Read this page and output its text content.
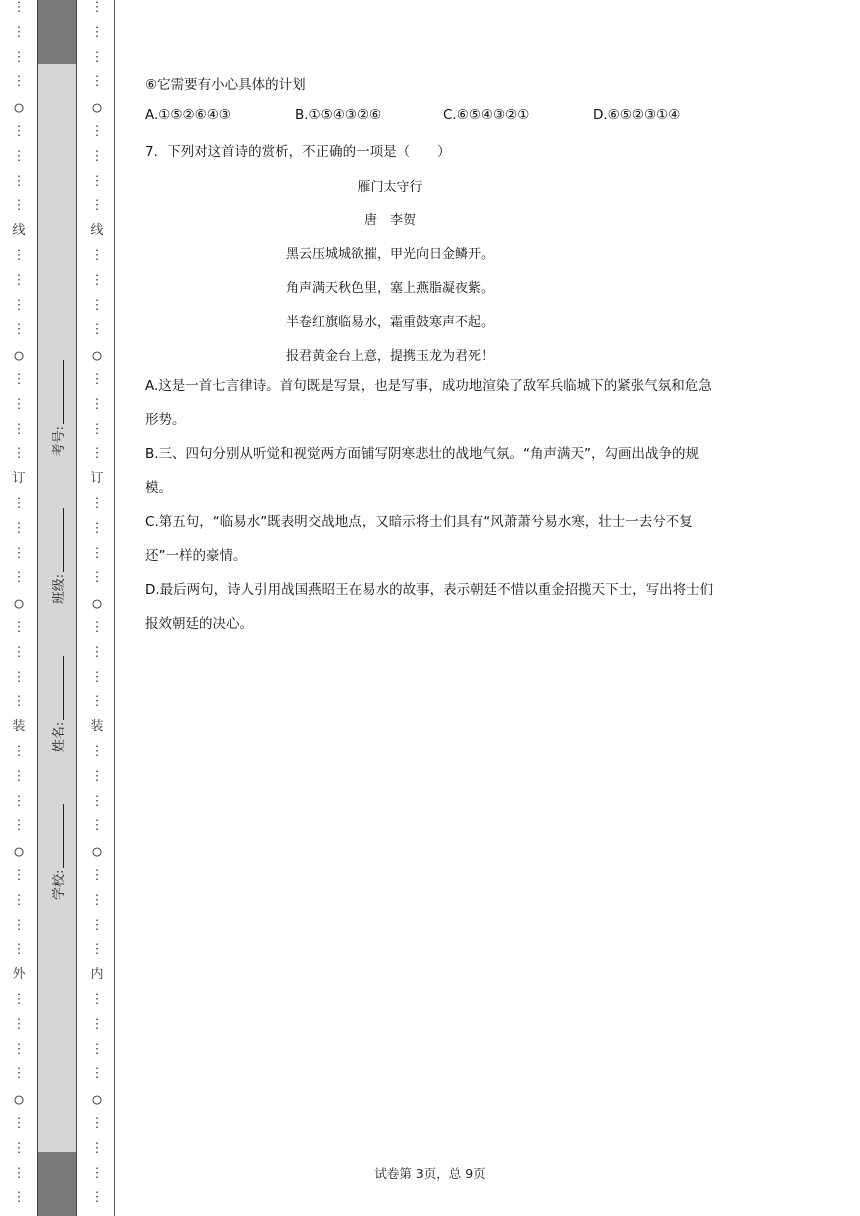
⋮
⋮
⋮
⋮
○
⋮
⋮
⋮
⋮
线
⋮
⋮
⋮
⋮
○
⋮
⋮
⋮
⋮
订
⋮
⋮
⋮
⋮
○
⋮
⋮
⋮
⋮
装
⋮
⋮
⋮
⋮
○
⋮
⋮
⋮
⋮
外
⋮
⋮
⋮
⋮
○
⋮
⋮
⋮
⋮
⋮
⋮
⋮
⋮
○
⋮
⋮
⋮
⋮
线
⋮
⋮
⋮
⋮
○
⋮
⋮
⋮
⋮
订
⋮
⋮
⋮
⋮
○
⋮
⋮
⋮
⋮
装
⋮
⋮
⋮
⋮
○
⋮
⋮
⋮
⋮
内
⋮
⋮
⋮
⋮
○
⋮
⋮
⋮
⋮
学校:
姓名:
班级:
考号:
⑥它需要有小心具体的计划
A.①⑤②⑥④③	B.①⑤④③②⑥	C.⑥⑤④③②①	D.⑥⑤②③①④
7．下列对这首诗的赏析，不正确的一项是（　　）
雁门太守行
唐　李贺
黑云压城城欲摧，甲光向日金鳞开。
角声满天秋色里，塞上燕脂凝夜紫。
半卷红旗临易水，霜重鼓寒声不起。
报君黄金台上意，提携玉龙为君死！
A.这是一首七言律诗。首句既是写景，也是写事，成功地渲染了敌军兵临城下的紧张气氛和危急形势。
B.三、四句分别从听觉和视觉两方面铺写阴寒悲壮的战地气氛。“角声满天”，勾画出战争的规模。
C.第五句，“临易水”既表明交战地点，又暗示将士们具有“风萧萧兮易水寒，壮士一去兮不复还”一样的豪情。
D.最后两句，诗人引用战国燕昭王在易水的故事，表示朝廷不惜以重金招揽天下士，写出将士们报效朝廷的决心。
试卷第 3页，总 9页
